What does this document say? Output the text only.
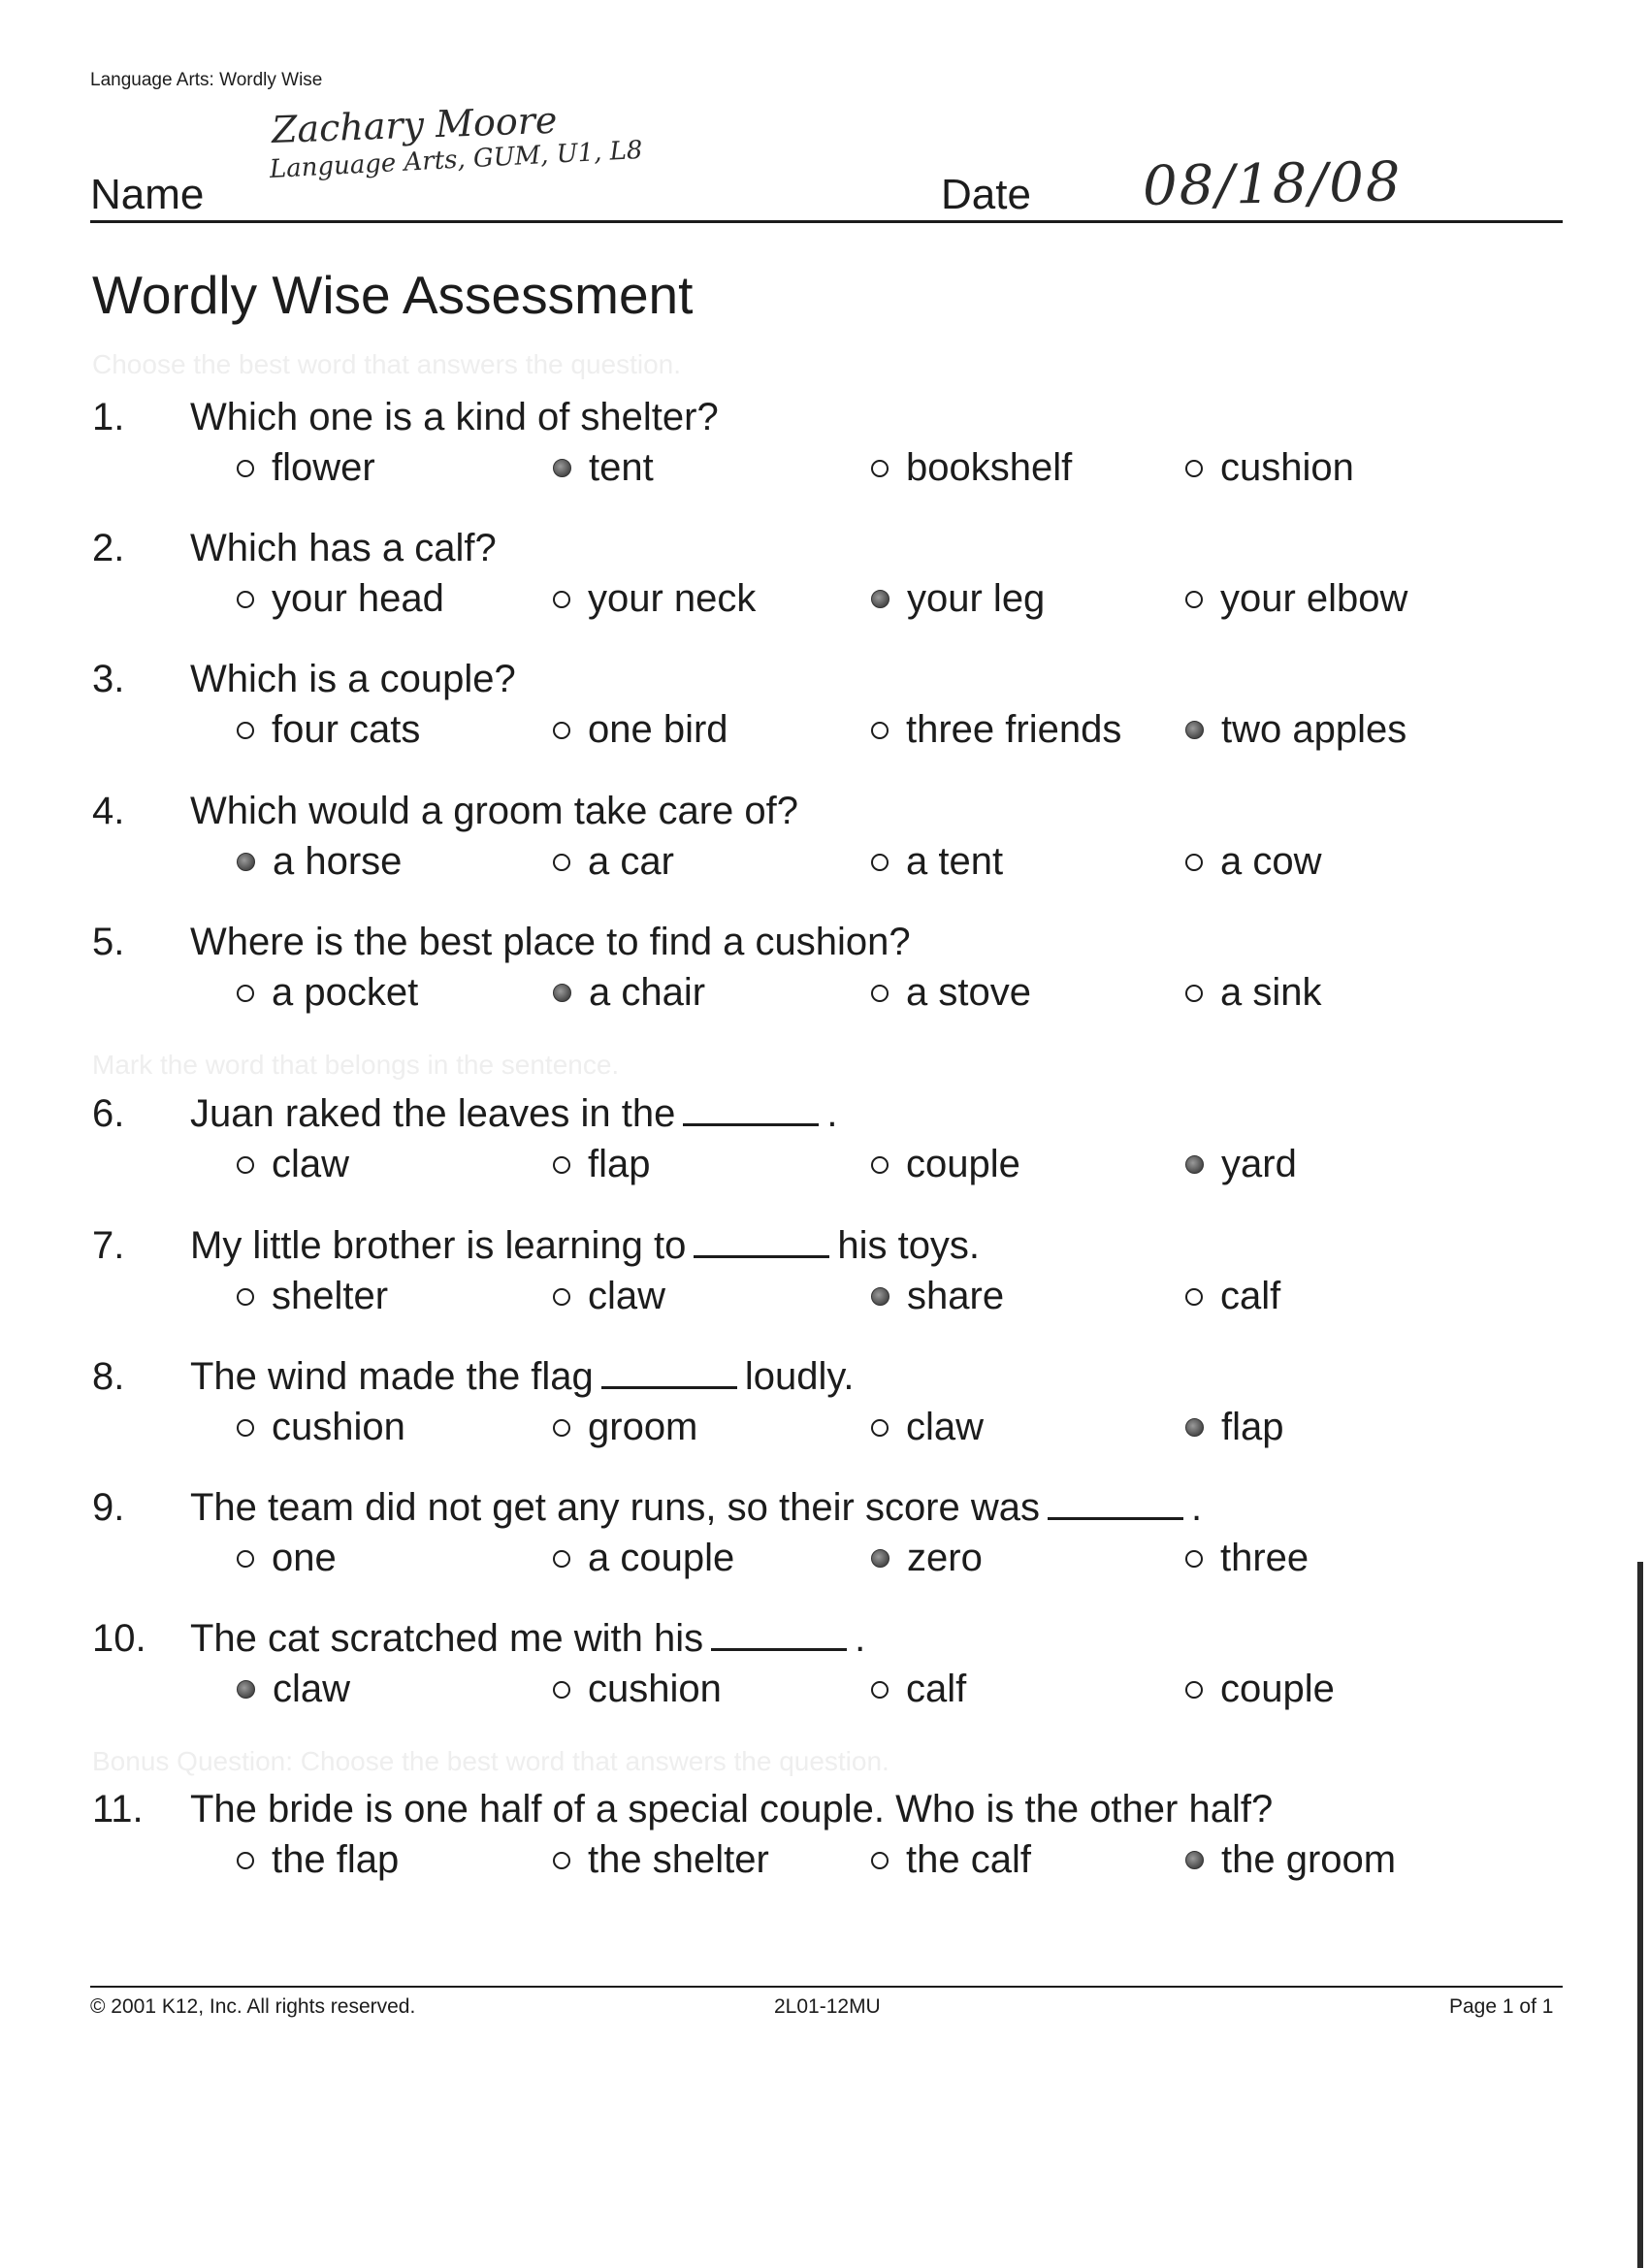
Language Arts: Wordly Wise
Zachary Moore
Language Arts, GUM, U1, L8
Name	Date 08/18/08
Wordly Wise Assessment
Choose the best word that answers the question.
Mark the word that belongs in the sentence.
Bonus Question: Choose the best word that answers the question.
1. Which one is a kind of shelter?
flower	tent	bookshelf	cushion
2. Which has a calf?
your head	your neck	your leg	your elbow
3. Which is a couple?
four cats	one bird	three friends	two apples
4. Which would a groom take care of?
a horse	a car	a tent	a cow
5. Where is the best place to find a cushion?
a pocket	a chair	a stove	a sink
6. Juan raked the leaves in the	.
claw	flap	couple	yard
7. My little brother is learning to	his toys.
shelter	claw	share	calf
8. The wind made the flag	loudly.
cushion	groom	claw	flap
9. The team did not get any runs, so their score was	.
one	a couple	zero	three
10. The cat scratched me with his	.
claw	cushion	calf	couple
11. The bride is one half of a special couple. Who is the other half?
the flap	the shelter	the calf	the groom
© 2001 K12, Inc. All rights reserved.	2L01-12MU	Page 1 of 1
